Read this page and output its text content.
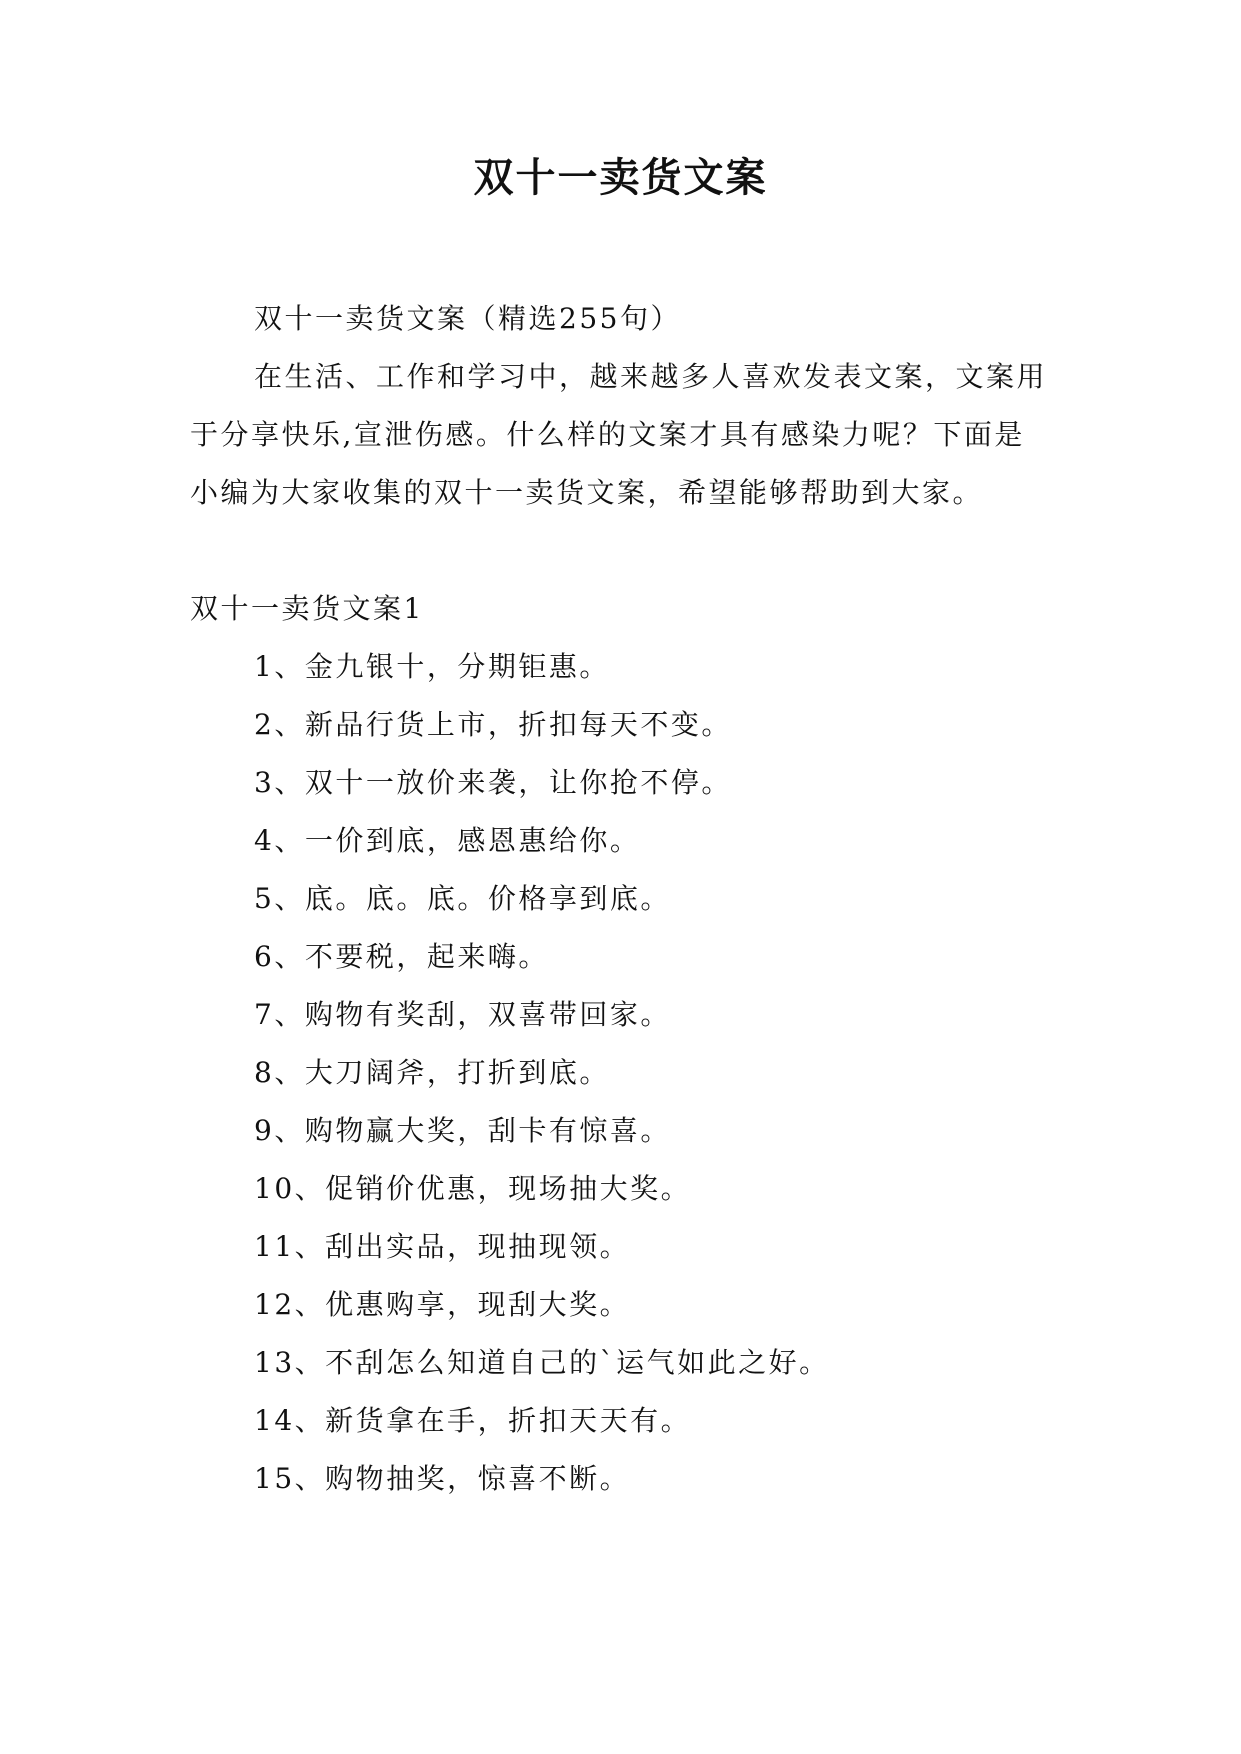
双十一卖货文案

双十一卖货文案（精选255句）

在生活、工作和学习中，越来越多人喜欢发表文案，文案用于分享快乐,宣泄伤感。什么样的文案才具有感染力呢？下面是小编为大家收集的双十一卖货文案，希望能够帮助到大家。

双十一卖货文案1

1、金九银十，分期钜惠。
2、新品行货上市，折扣每天不变。
3、双十一放价来袭，让你抢不停。
4、一价到底，感恩惠给你。
5、底。底。底。价格享到底。
6、不要税，起来嗨。
7、购物有奖刮，双喜带回家。
8、大刀阔斧，打折到底。
9、购物赢大奖，刮卡有惊喜。
10、促销价优惠，现场抽大奖。
11、刮出实品，现抽现领。
12、优惠购享，现刮大奖。
13、不刮怎么知道自己的`运气如此之好。
14、新货拿在手，折扣天天有。
15、购物抽奖，惊喜不断。
